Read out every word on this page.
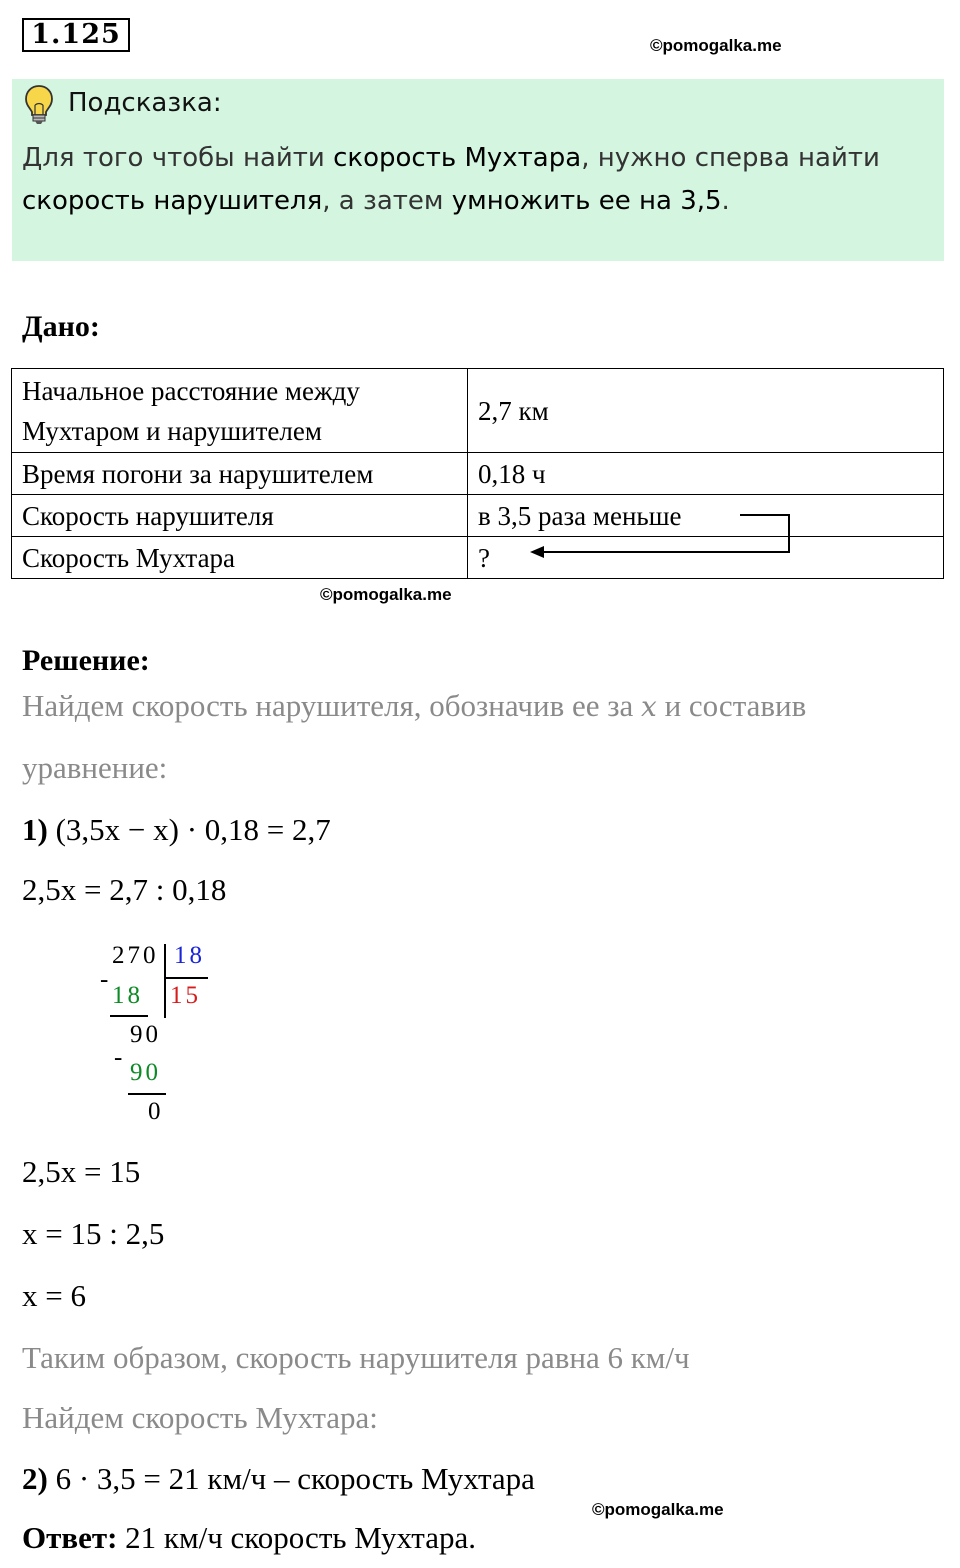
1.125	©pomogalka.me
Подсказка:
Для того чтобы найти скорость Мухтара, нужно сперва найти
скорость нарушителя, а затем умножить ее на 3,5.
Дано:
Начальное расстояние между Мухтаром и нарушителем	2,7 км
Время погони за нарушителем	0,18 ч
Скорость нарушителя	в 3,5 раза меньше
Скорость Мухтара	?
©pomogalka.me
Решение:
Найдем скорость нарушителя, обозначив ее за x и составив
уравнение:
1) (3,5x − x) · 0,18 = 2,7
2,5x = 2,7 : 0,18
270 18
-
18 15
90
-
90
0
2,5x = 15
x = 15 : 2,5
x = 6
Таким образом, скорость нарушителя равна 6 км/ч
Найдем скорость Мухтара:
2) 6 · 3,5 = 21 км/ч – скорость Мухтара
©pomogalka.me
Ответ: 21 км/ч скорость Мухтара.
